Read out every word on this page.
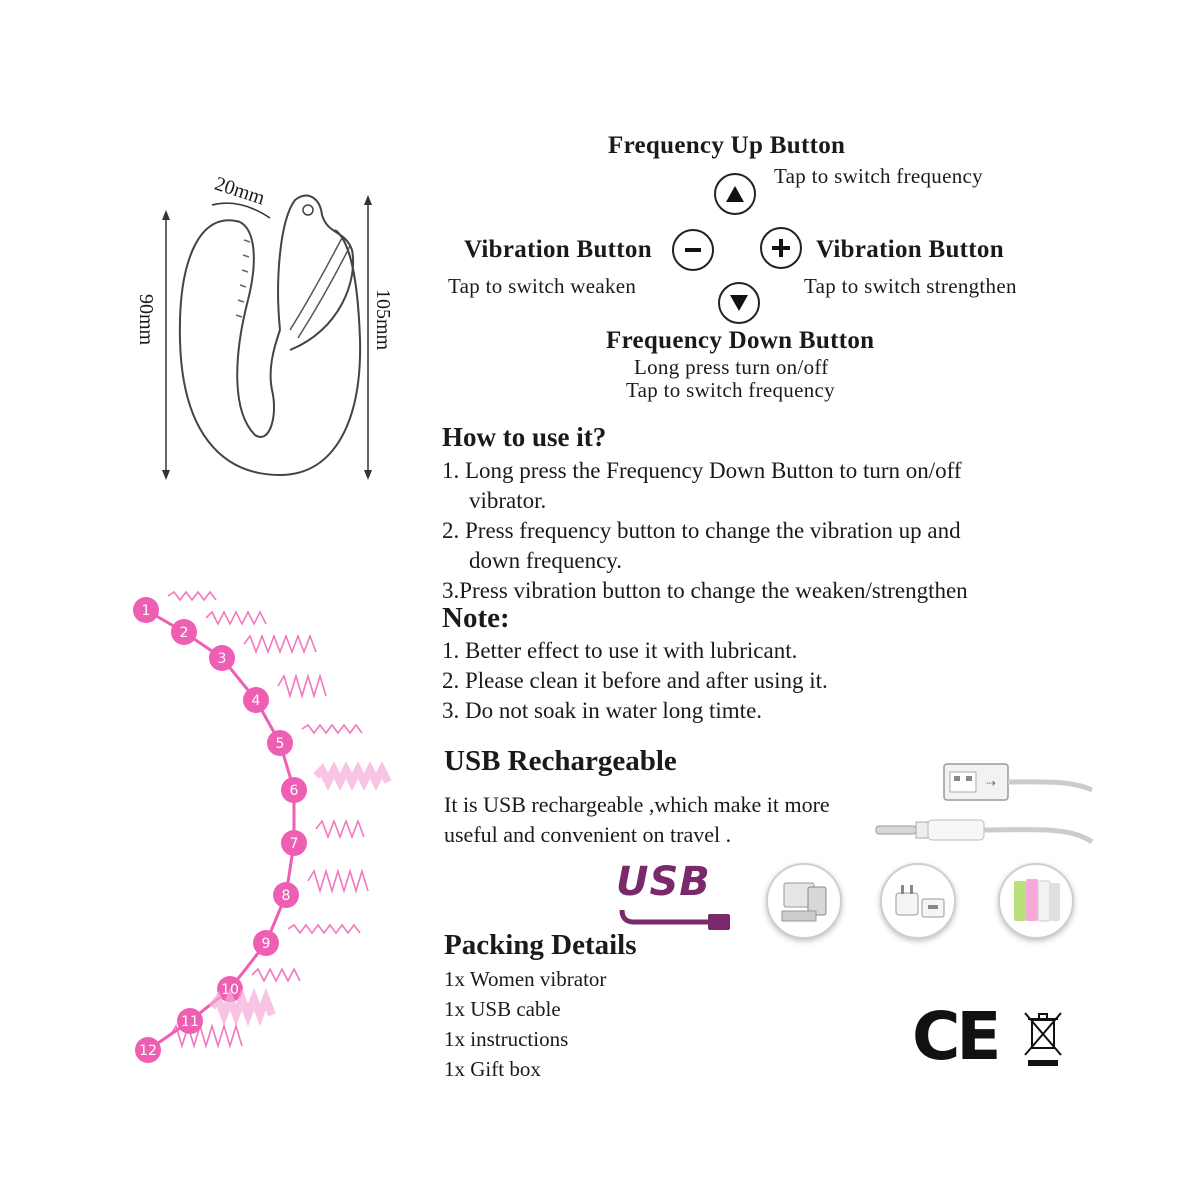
20mm
90mm	105mm
Frequency Up Button
Tap to switch frequency
Vibration Button
Tap to switch weaken
Vibration Button
Tap to switch strengthen
Frequency Down Button
Long press turn on/off
Tap to switch frequency
How to use it?
1. Long press the Frequency Down Button to turn on/off
vibrator.
2. Press frequency button to change the vibration up and
down frequency.
3.Press vibration button to change the weaken/strengthen
Note:
1. Better effect to use it with lubricant.
2. Please clean it before and after using it.
3. Do not soak in water long timte.
USB Rechargeable
It is USB rechargeable ,which make it more
useful and convenient on travel .
⇢
USB
Packing Details
1x Women vibrator
1x USB cable
1x instructions
1x Gift box	CE
1
2
3
4
5
6
7
8
9
10
11
12
